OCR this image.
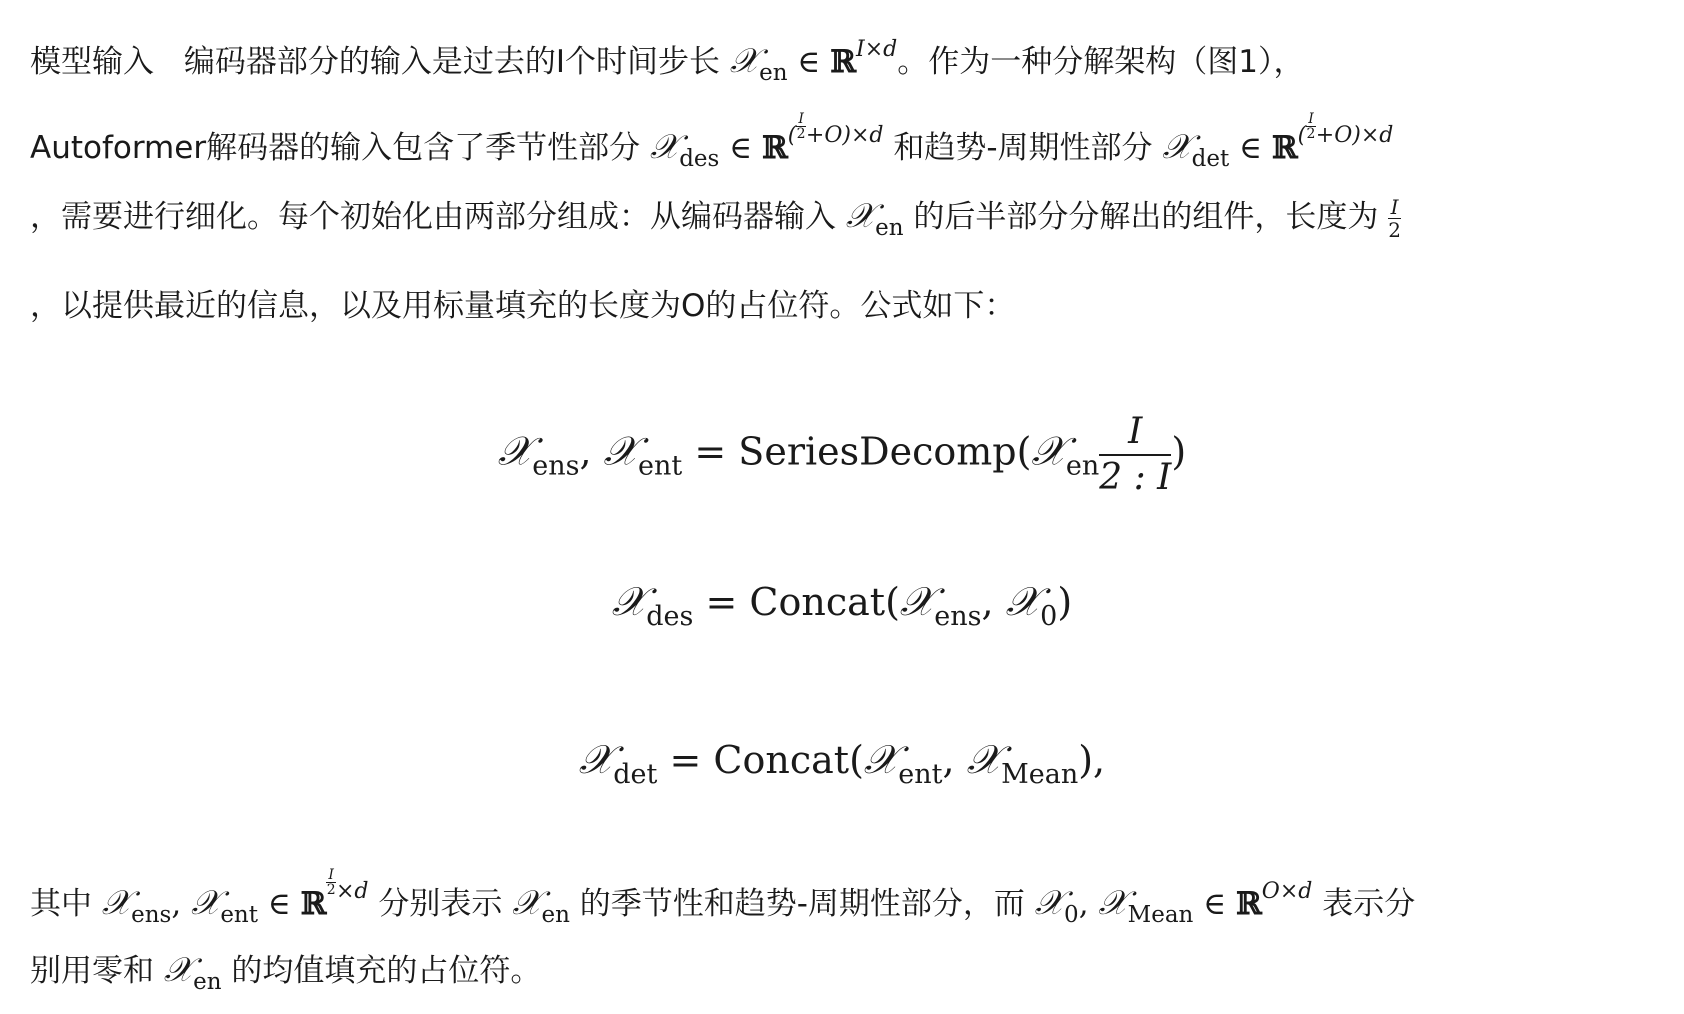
模型输入 编码器部分的输入是过去的I个时间步长 𝒳$_{en}$ ∈ ℝ$^{I\times d}$。作为一种分解架构（图1），
Autoformer解码器的输入包含了季节性部分 𝒳$_{des}$ ∈ ℝ$^{( \frac{I}{2} +O)\times d}$ 和趋势-周期性部分 𝒳$_{det}$ ∈ ℝ$^{( \frac{I}{2} +O)\times d}$
，需要进行细化。每个初始化由两部分组成：从编码器输入 𝒳$_{en}$ 的后半部分分解出的组件，长度为 $\frac{I}{2}$
，以提供最近的信息，以及用标量填充的长度为O的占位符。公式如下：
𝒳$_{ens}$, 𝒳$_{ent}$ = SeriesDecomp(𝒳$_{en}$ $\frac{I}{2 : I}$ )
𝒳$_{des}$ = Concat(𝒳$_{ens}$, 𝒳$_0$)
𝒳$_{det}$ = Concat(𝒳$_{ent}$, 𝒳$_{Mean}$),
其中 𝒳$_{ens}$, 𝒳$_{ent}$ ∈ ℝ
$^{\frac{I}{2} \times d}$ 分别表示 𝒳$_{en}$ 的季节性和趋势-周期性部分，而 𝒳$_0$, 𝒳$_{Mean}$ ∈ ℝ$^{O\times d}$ 表示分
别用零和 𝒳$_{en}$ 的均值填充的占位符。
